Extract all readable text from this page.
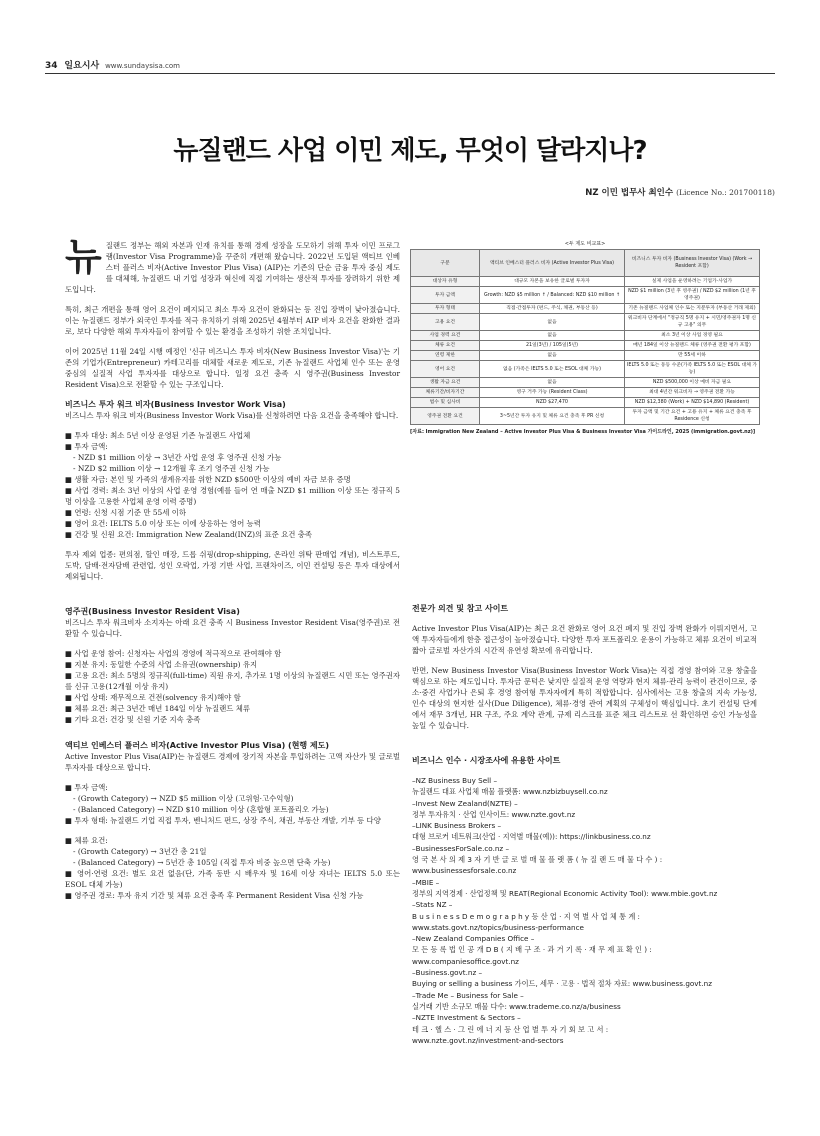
34 일요시사 www.sundaysisa.com
뉴질랜드 사업 이민 제도, 무엇이 달라지나?
NZ 이민 법무사 최인수 (Licence No.: 201700118)

뉴질랜드 정부는 해외 자본과 인재 유치를 통해 경제 성장을 도모하기 위해 투자 이민 프로그램(Investor Visa Programme)을 꾸준히 개편해 왔습니다. 2022년 도입된 액티브 인베스터 플러스 비자(Active Investor Plus Visa) (AIP)는 기존의 단순 금융 투자 중심 제도를 대체해, 뉴질랜드 내 기업 성장과 혁신에 직접 기여하는 생산적 투자를 장려하기 위한 제도입니다.

특히, 최근 개편을 통해 영어 요건이 폐지되고 최소 투자 요건이 완화되는 등 진입 장벽이 낮아졌습니다. 이는 뉴질랜드 정부가 외국인 투자를 적극 유치하기 위해 2025년 4월부터 AIP 비자 요건을 완화한 결과로, 보다 다양한 해외 투자자들이 참여할 수 있는 환경을 조성하기 위한 조치입니다.

이어 2025년 11월 24일 시행 예정인 '신규 비즈니스 투자 비자(New Business Investor Visa)'는 기존의 기업가(Entrepreneur) 카테고리를 대체할 새로운 제도로, 기존 뉴질랜드 사업체 인수 또는 운영 중심의 실질적 사업 투자자를 대상으로 합니다. 일정 요건 충족 시 영주권(Business Investor Resident Visa)으로 전환할 수 있는 구조입니다.

비즈니스 투자 워크 비자(Business Investor Work Visa)

비즈니스 투자 워크 비자(Business Investor Work Visa)를 신청하려면 다음 요건을 충족해야 합니다.

■ 투자 대상: 최소 5년 이상 운영된 기존 뉴질랜드 사업체
■ 투자 금액:
- NZD $1 million 이상 → 3년간 사업 운영 후 영주권 신청 가능
- NZD $2 million 이상 → 12개월 후 조기 영주권 신청 가능
■ 생활 자금: 본인 및 가족의 생계유지를 위한 NZD $500만 이상의 예비 자금 보유 증명
■ 사업 경력: 최소 3년 이상의 사업 운영 경험(예를 들어 연 매출 NZD $1 million 이상 또는 정규직 5명 이상을 고용한 사업체 운영 이력 증명)
■ 연령: 신청 시점 기준 만 55세 이하
■ 영어 요건: IELTS 5.0 이상 또는 이에 상응하는 영어 능력
■ 건강 및 신원 요건: Immigration New Zealand(INZ)의 표준 요건 충족

투자 제외 업종: 편의점, 할인 매장, 드롭 쉬핑(drop-shipping, 온라인 위탁 판매업 개념), 비스트푸드, 도박, 담배·전자담배 관련업, 성인 오락업, 가정 기반 사업, 프랜차이즈, 이민 컨설팅 등은 투자 대상에서 제외됩니다.

영주권(Business Investor Resident Visa)

비즈니스 투자 워크비자 소지자는 아래 요건 충족 시 Business Investor Resident Visa(영주권)로 전환할 수 있습니다.

■ 사업 운영 참여: 신청자는 사업의 경영에 적극적으로 관여해야 함
■ 지분 유지: 동일한 수준의 사업 소유권(ownership) 유지
■ 고용 요건: 최소 5명의 정규직(full-time) 직원 유지, 추가로 1명 이상의 뉴질랜드 시민 또는 영주권자를 신규 고용(12개월 이상 유지)
■ 사업 상태: 재무적으로 건전(solvency 유지)해야 함
■ 체류 요건: 최근 3년간 매년 184일 이상 뉴질랜드 체류
■ 기타 요건: 건강 및 신원 기준 지속 충족
액티브 인베스터 플러스 비자(Active Investor Plus Visa) (현행 제도)

Active Investor Plus Visa(AIP)는 뉴질랜드 경제에 장기적 자본을 투입하려는 고액 자산가 및 글로벌 투자자를 대상으로 합니다.

■ 투자 금액:
- (Growth Category) → NZD $5 million 이상 (고위험·고수익형)
- (Balanced Category) → NZD $10 million 이상 (혼합형 포트폴리오 가능)
■ 투자 형태: 뉴질랜드 기업 직접 투자, 벤니처드 펀드, 상장 주식, 채권, 부동산 개발, 기부 등 다양
■ 체류 요건:
- (Growth Category) → 3년간 총 21일
- (Balanced Category) → 5년간 총 105일 (직접 투자 비중 높으면 단축 가능)
■ 영어·연령 요건: 별도 요건 없음(단, 가족 동반 시 배우자 및 16세 이상 자녀는 IELTS 5.0 또는 ESOL 대체 가능)
■ 영주권 경로: 투자 유지 기간 및 체류 요건 충족 후 Permanent Resident Visa 신청 가능
<두 제도 비교표>
구분	액티브 인베스터 플러스 비자 (Active Investor Plus Visa)	비즈니스 투자 비자 (Business Investor Visa) (Work → Resident 포함)
대상자 유형	대규모 자본을 보유한 글로벌 투자자	실제 사업을 운영하려는 기업가·사업가
투자 금액	Growth: NZD $5 million ↑ / Balanced: NZD $10 million ↑	NZD $1 million (3년 후 영주권) / NZD $2 million (1년 후 영주권)
투자 형태	직접·간접투자 (펀드, 주식, 채권, 부동산 등)	기존 뉴질랜드 사업체 인수 또는 지분투자 (부동산 거래 제외)
고용 요건	없음	워크비자 단계에서 "정규직 5명 유지 + 시민/영주권자 1명 신규 고용" 의무
사업 경력 요건	없음	최소 3년 이상 사업 경영 필요
체류 요건	21일(3년) / 105일(5년)	매년 184일 이상 뉴질랜드 체류 (영주권 전환 평가 포함)
연령 제한	없음	만 55세 이하
영어 요건	없음 (가족은 IELTS 5.0 또는 ESOL 대체 가능)	IELTS 5.0 또는 동등 수준(가족 IELTS 5.0 또는 ESOL 대체 가능)
생활 자금 요건	없음	NZD $500,000 이상 예비 자금 필요
체류기간/비자기간	영구 거주 가능 (Resident Class)	최대 4년간 워크비자 → 영주권 전환 가능
법수 및 심사비	NZD $27,470	NZD $12,380 (Work) + NZD $14,890 (Resident)
영주권 전환 요건	3~5년간 투자 유지 및 체류 요건 충족 후 PR 신청	투자 금액 및 기간 요건 + 고용 유지 + 체류 요건 충족 후 Residence 신청
[자료: Immigration New Zealand – Active Investor Plus Visa & Business Investor Visa 가이드라인, 2025 (immigration.govt.nz)]
전문가 의견 및 참고 사이트

Active Investor Plus Visa(AIP)는 최근 요건 완화로 영어 요건 폐지 및 진입 장벽 완화가 이뤄지면서, 고액 투자자들에게 한층 접근성이 높아졌습니다. 다양한 투자 포트폴리오 운용이 가능하고 체류 요건이 비교적 짧아 글로벌 자산가의 시간적 유연성 확보에 유리합니다.

반면, New Business Investor Visa(Business Investor Work Visa)는 직접 경영 참여와 고용 창출을 핵심으로 하는 제도입니다. 투자금 문턱은 낮지만 실질적 운영 역량과 현지 체류·관리 능력이 관건이므로, 중소·중견 사업가나 은퇴 후 경영 참여형 투자자에게 특히 적합합니다. 심사에서는 고용 창출의 지속 가능성, 인수 대상의 현지한 실사(Due Diligence), 체류·경영 관여 계획의 구체성이 핵심입니다. 초기 컨설팅 단계에서 재무 3개년, HR 구조, 주요 계약 관계, 규제 리스크를 표준 체크 리스트로 선 확인하면 승인 가능성을 높일 수 있습니다.

비즈니스 인수 · 시장조사에 유용한 사이트
–NZ Business Buy Sell –
뉴질랜드 대표 사업체 매물 플랫폼: www.nzbizbuysell.co.nz
–Invest New Zealand(NZTE) –
정부 투자유치 · 산업 인사이트: www.nzte.govt.nz
–LINK Business Brokers –
대형 브로커 네트워크(산업 · 지역별 매물(예)): https://linkbusiness.co.nz
–BusinessesForSale.co.nz –
영 국 본 사 의 제 3 자 기 반 글 로 벌 매 물 플 랫 폼 ( 뉴 질 랜 드 매 물 다 수 ) :
www.businessesforsale.co.nz
–MBIE –
정부의 지역경제 · 산업정책 및 REAT(Regional Economic Activity Tool): www.mbie.govt.nz
–Stats NZ –
B u s i n e s s D e m o g r a p h y 등 산 업 · 지 역 별 사 업 체 통 계 :
www.stats.govt.nz/topics/business-performance
–New Zealand Companies Office –
모 든 등 록 법 인 공 개 D B ( 지 배 구 조 · 과 거 기 록 · 재 무 제 표 확 인 ) :
www.companiesoffice.govt.nz
–Business.govt.nz –
Buying or selling a business 가이드, 세무 · 고용 · 법적 절차 자료: www.business.govt.nz
–Trade Me – Business for Sale –
실거래 기반 소규모 매물 다수: www.trademe.co.nz/a/business
–NZTE Investment & Sectors –
테 크 · 헬 스 · 그 린 에 너 지 등 산 업 별 투 자 기 회 보 고 서 :
www.nzte.govt.nz/investment-and-sectors
